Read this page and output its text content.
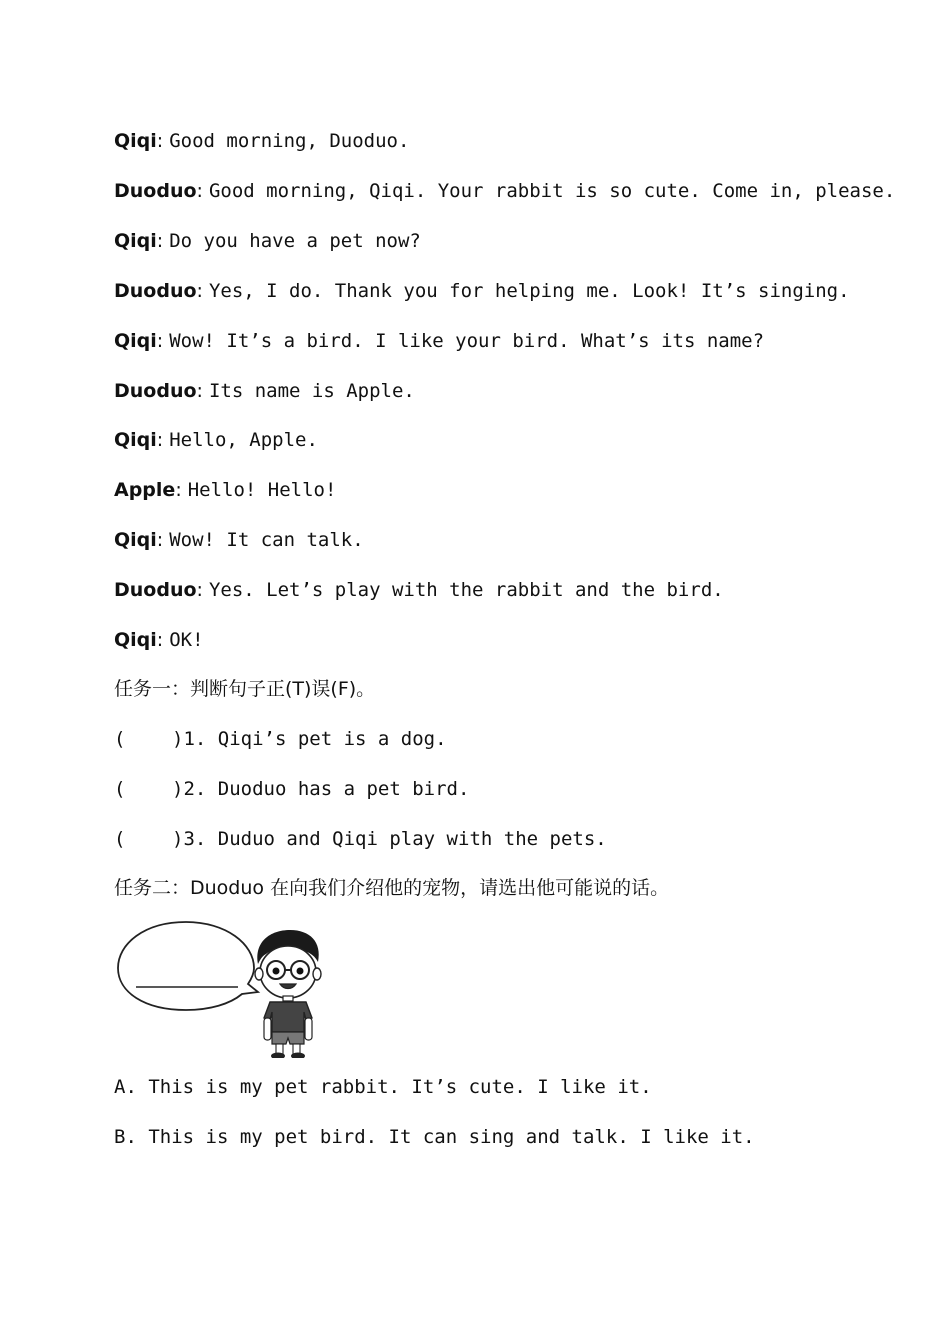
Qiqi: Good morning, Duoduo.
Duoduo: Good morning, Qiqi. Your rabbit is so cute. Come in, please.
Qiqi: Do you have a pet now?
Duoduo: Yes, I do. Thank you for helping me. Look! It’s singing.
Qiqi: Wow! It’s a bird. I like your bird. What’s its name?
Duoduo: Its name is Apple.
Qiqi: Hello, Apple.
Apple: Hello! Hello!
Qiqi: Wow! It can talk.
Duoduo: Yes. Let’s play with the rabbit and the bird.
Qiqi: OK!
任务一：判断句子正(T)误(F)。
( )1. Qiqi’s pet is a dog.
( )2. Duoduo has a pet bird.
( )3. Duduo and Qiqi play with the pets.
任务二：Duoduo 在向我们介绍他的宠物，请选出他可能说的话。
A. This is my pet rabbit. It’s cute. I like it.
B. This is my pet bird. It can sing and talk. I like it.
